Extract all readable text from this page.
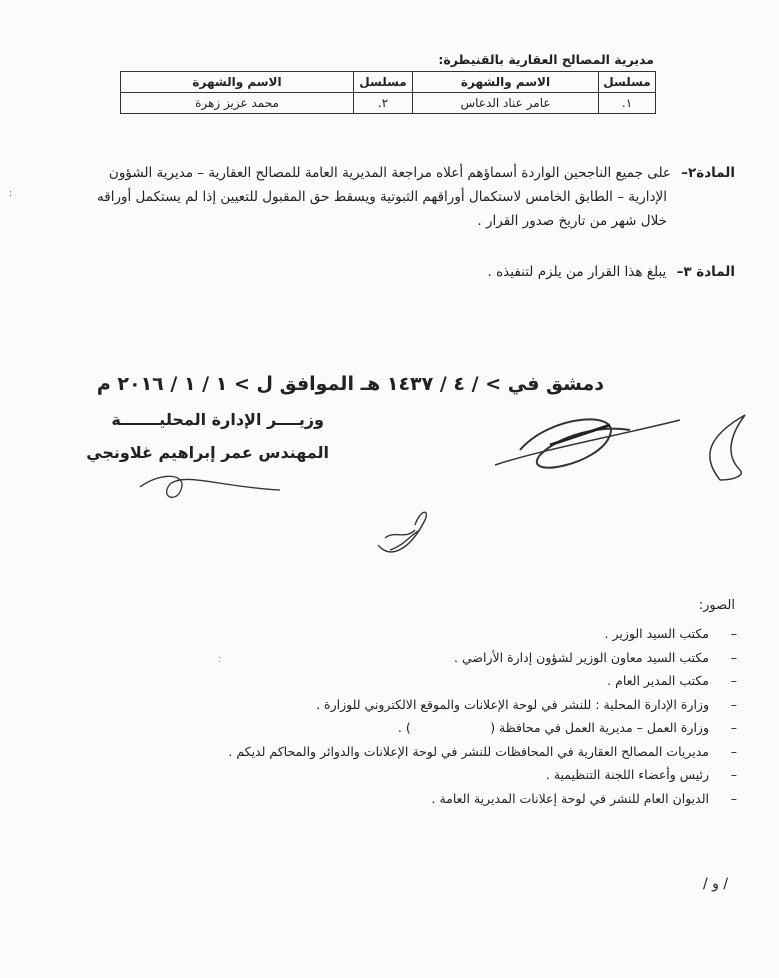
مديرية المصالح العقارية بالقنيطرة:
مسلسل	الاسم والشهرة	مسلسل	الاسم والشهرة
١.	عامر عناد الدعاس	٢.	محمد عزيز زهرة

المادة٢– على جميع الناجحين الواردة أسماؤهم أعلاه مراجعة المديرية العامة للمصالح العقارية – مديرية الشؤون

الإدارية – الطابق الخامس لاستكمال أوراقهم الثبوتية ويسقط حق المقبول للتعيين إذا لم يستكمل أوراقه

خلال شهر من تاريخ صدور القرار .

المادة ٣– يبلغ هذا القرار من يلزم لتنفيذه .

دمشق في > / ٤ / ١٤٣٧ هـ الموافق ل > ١ / ١ / ٢٠١٦ م
وزيــــر الإدارة المحليـــــــة
المهندس عمر إبراهيم غلاونجي
الصور:
–مكتب السيد الوزير .
–مكتب السيد معاون الوزير لشؤون إدارة الأراضي .
–مكتب المدير العام .
–وزارة الإدارة المحلية : للنشر في لوحة الإعلانات والموقع الالكتروني للوزارة .
–وزارة العمل – مديرية العمل في محافظة (                    ) .
–مديريات المصالح العقارية في المحافظات للنشر في لوحة الإعلانات والدوائر والمحاكم لديكم .
–رئيس وأعضاء اللجنة التنظيمية .
–الديوان العام للنشر في لوحة إعلانات المديرية العامة .
/ و /
:
:
